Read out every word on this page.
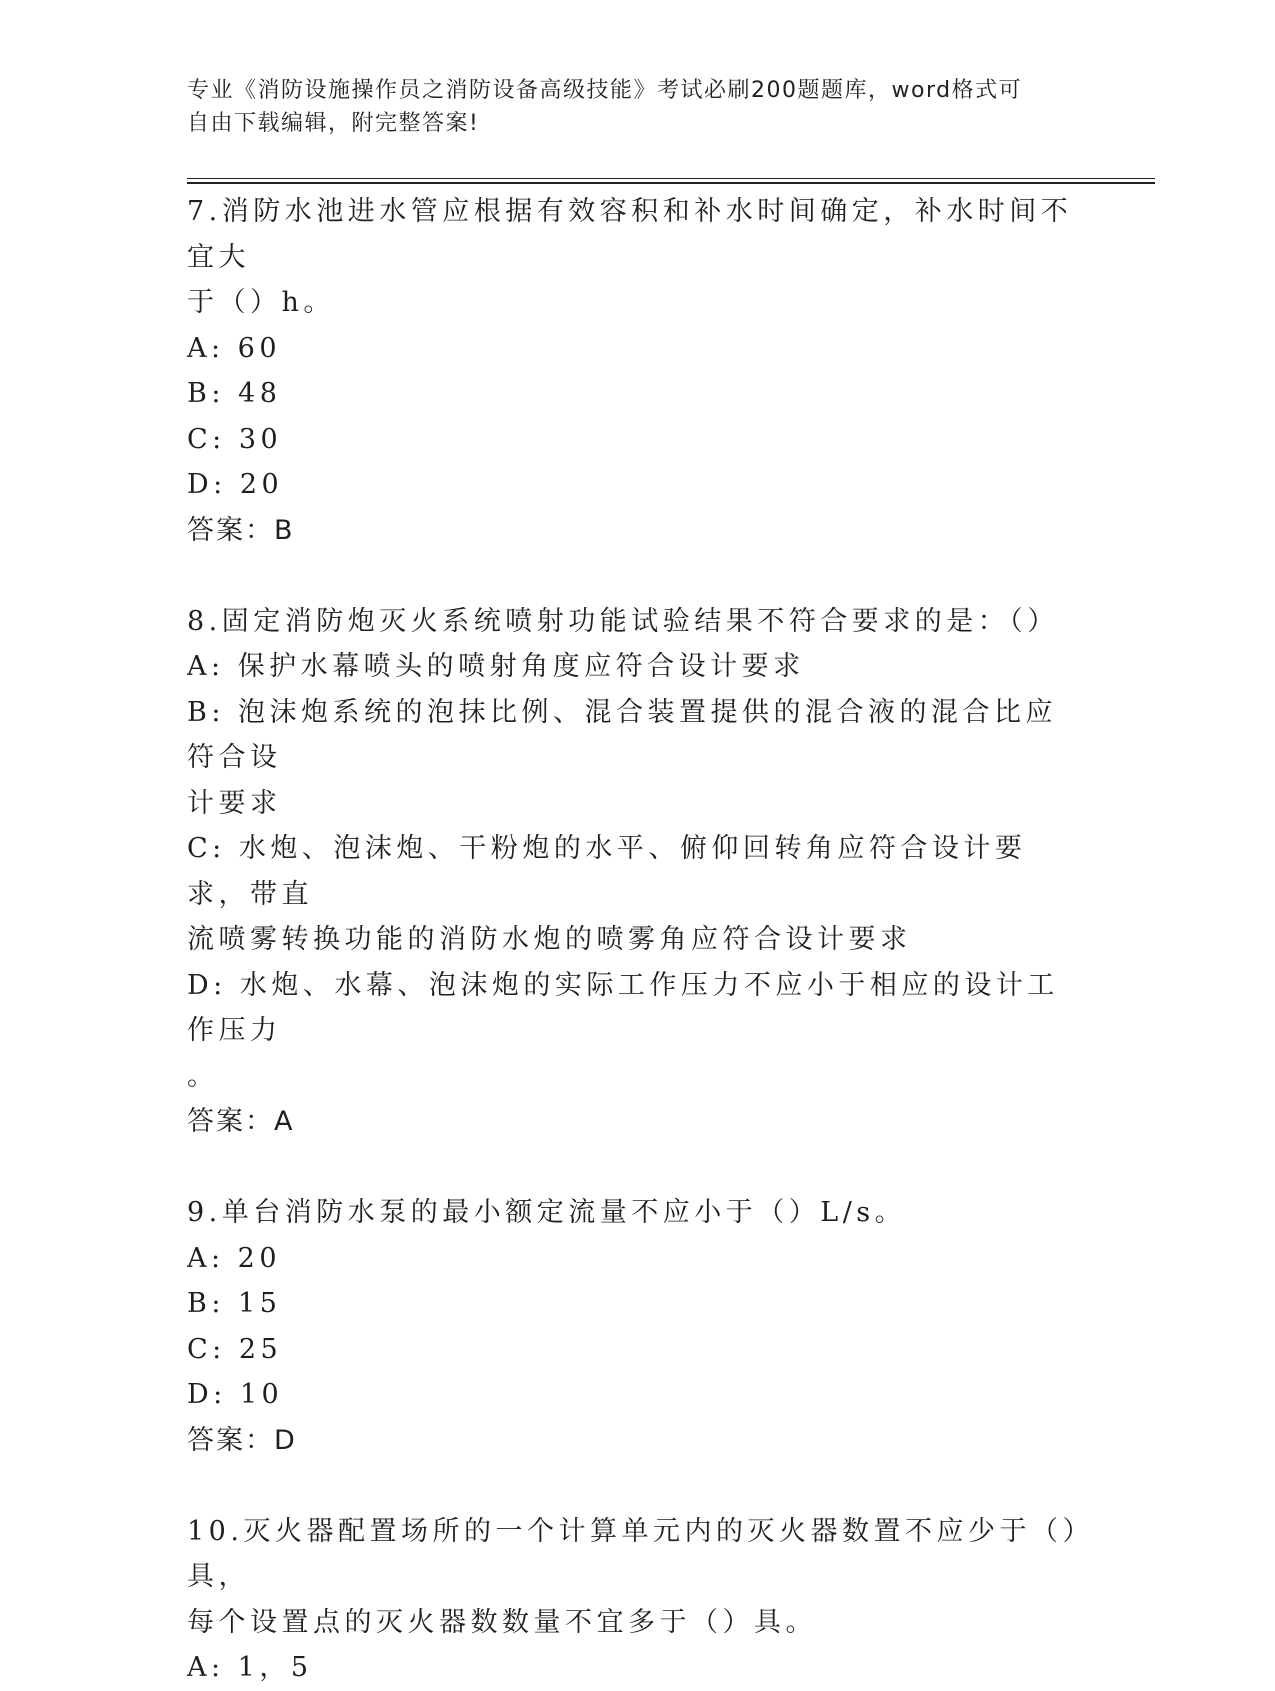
专业《消防设施操作员之消防设备高级技能》考试必刷200题题库，word格式可
自由下载编辑，附完整答案!
7.消防水池进水管应根据有效容积和补水时间确定，补水时间不宜大
于（）h。
A: 60
B: 48
C: 30
D: 20
答案：B
8.固定消防炮灭火系统喷射功能试验结果不符合要求的是：（）
A: 保护水幕喷头的喷射角度应符合设计要求
B: 泡沫炮系统的泡抹比例、混合装置提供的混合液的混合比应符合设
计要求
C: 水炮、泡沫炮、干粉炮的水平、俯仰回转角应符合设计要求，带直
流喷雾转换功能的消防水炮的喷雾角应符合设计要求
D: 水炮、水幕、泡沫炮的实际工作压力不应小于相应的设计工作压力
。
答案：A
9.单台消防水泵的最小额定流量不应小于（）L/s。
A: 20
B: 15
C: 25
D: 10
答案：D
10.灭火器配置场所的一个计算单元内的灭火器数置不应少于（）具，
每个设置点的灭火器数数量不宜多于（）具。
A: 1，5
